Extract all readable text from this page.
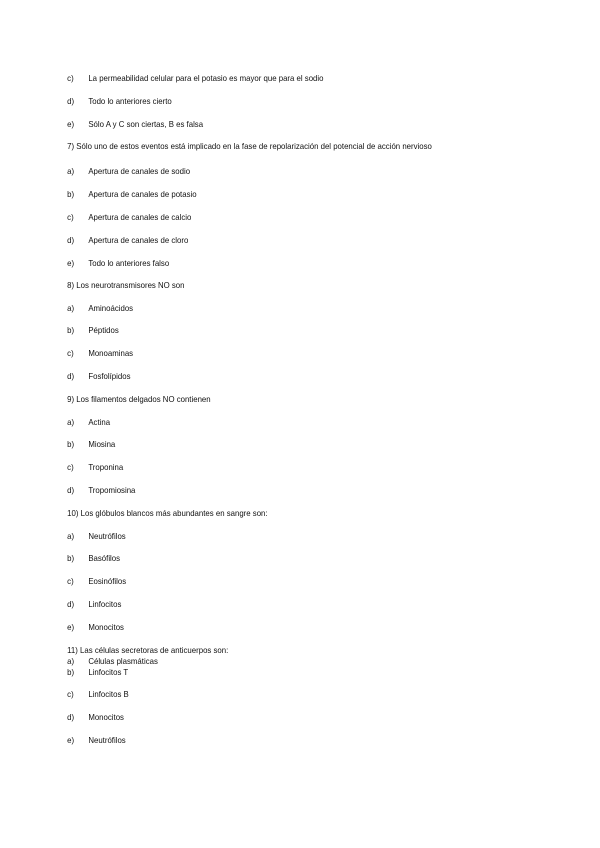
c) La permeabilidad celular para el potasio es mayor que para el sodio
d) Todo lo anteriores cierto
e) Sólo A y C son ciertas, B es falsa
7) Sólo uno de estos eventos está implicado en la fase de repolarización del potencial de acción nervioso
a) Apertura de canales de sodio
b) Apertura de canales de potasio
c) Apertura de canales de calcio
d) Apertura de canales de cloro
e) Todo lo anteriores falso
8) Los neurotransmisores NO son
a) Aminoácidos
b) Péptidos
c) Monoaminas
d) Fosfolípidos
9) Los filamentos delgados NO contienen
a) Actina
b) Miosina
c) Troponina
d) Tropomiosina
10) Los glóbulos blancos más abundantes en sangre son:
a) Neutrófilos
b) Basófilos
c) Eosinófilos
d) Linfocitos
e) Monocitos
11) Las células secretoras de anticuerpos son:
a) Células plasmáticas
b) Linfocitos T
c) Linfocitos B
d) Monocitos
e) Neutrófilos
